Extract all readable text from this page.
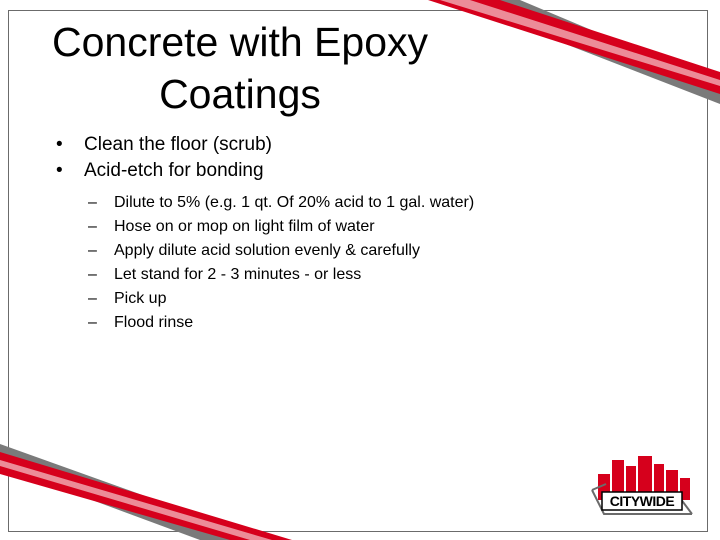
Concrete with Epoxy
Coatings
• Clean the floor (scrub)
• Acid-etch for bonding
– Dilute to 5% (e.g. 1 qt. Of 20% acid to 1 gal. water)
– Hose on or mop on light film of water
– Apply dilute acid solution evenly & carefully
– Let stand for 2 - 3 minutes - or less
– Pick up
– Flood rinse
CITYWIDE
